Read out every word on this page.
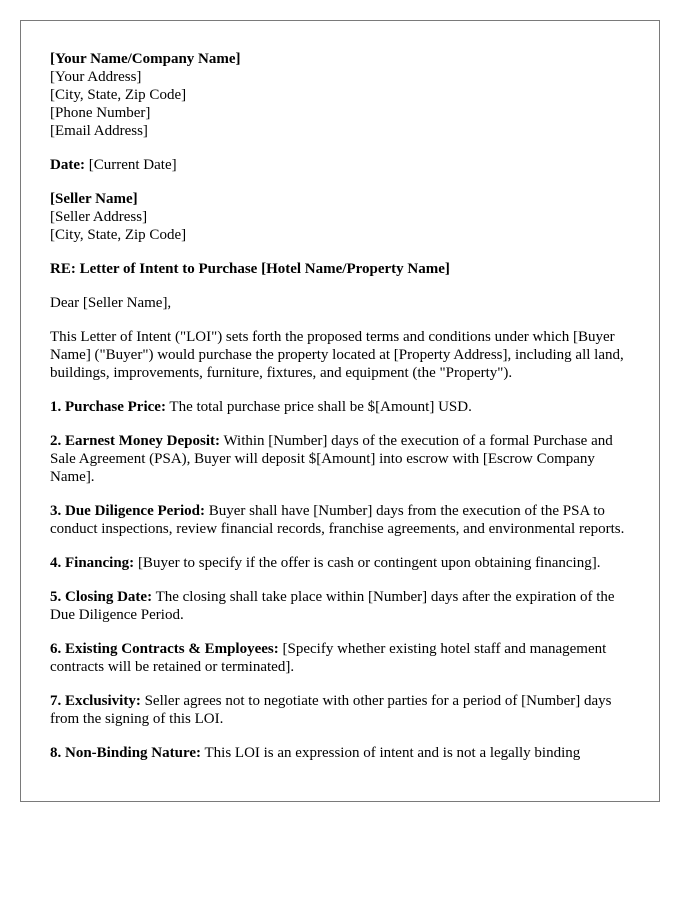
[Your Name/Company Name]
[Your Address]
[City, State, Zip Code]
[Phone Number]
[Email Address]
Date: [Current Date]
[Seller Name]
[Seller Address]
[City, State, Zip Code]
RE: Letter of Intent to Purchase [Hotel Name/Property Name]
Dear [Seller Name],
This Letter of Intent ("LOI") sets forth the proposed terms and conditions under which [Buyer Name] ("Buyer") would purchase the property located at [Property Address], including all land, buildings, improvements, furniture, fixtures, and equipment (the "Property").
1. Purchase Price: The total purchase price shall be $[Amount] USD.
2. Earnest Money Deposit: Within [Number] days of the execution of a formal Purchase and Sale Agreement (PSA), Buyer will deposit $[Amount] into escrow with [Escrow Company Name].
3. Due Diligence Period: Buyer shall have [Number] days from the execution of the PSA to conduct inspections, review financial records, franchise agreements, and environmental reports.
4. Financing: [Buyer to specify if the offer is cash or contingent upon obtaining financing].
5. Closing Date: The closing shall take place within [Number] days after the expiration of the Due Diligence Period.
6. Existing Contracts & Employees: [Specify whether existing hotel staff and management contracts will be retained or terminated].
7. Exclusivity: Seller agrees not to negotiate with other parties for a period of [Number] days from the signing of this LOI.
8. Non-Binding Nature: This LOI is an expression of intent and is not a legally binding
